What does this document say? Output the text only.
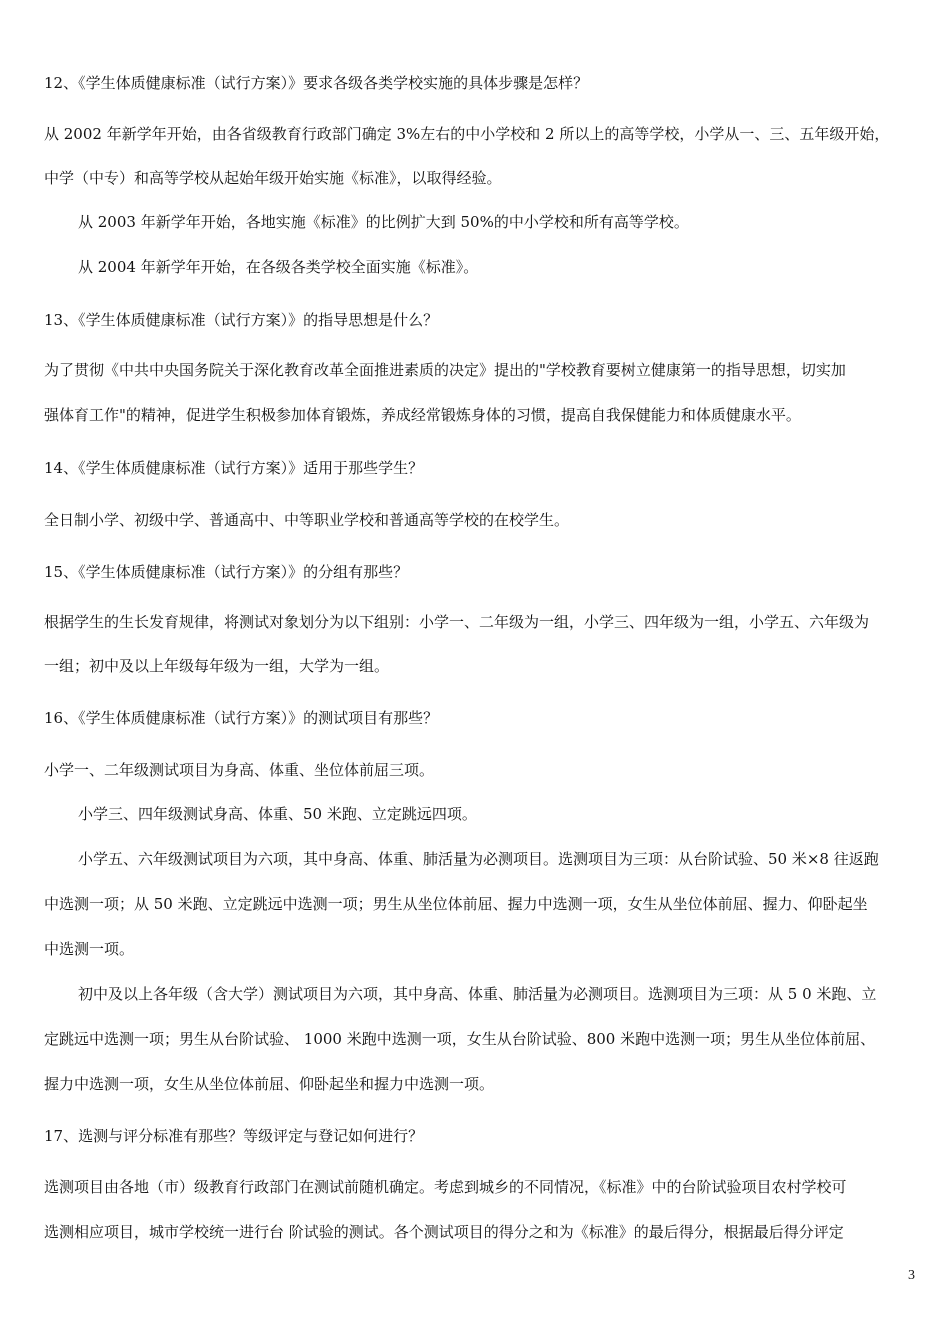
12、《学生体质健康标准（试行方案）》要求各级各类学校实施的具体步骤是怎样？
从 2002 年新学年开始，由各省级教育行政部门确定 3%左右的中小学校和 2 所以上的高等学校，小学从一、三、五年级开始，
中学（中专）和高等学校从起始年级开始实施《标准》，以取得经验。
从 2003 年新学年开始，各地实施《标准》的比例扩大到 50%的中小学校和所有高等学校。
从 2004 年新学年开始，在各级各类学校全面实施《标准》。
13、《学生体质健康标准（试行方案）》的指导思想是什么？
为了贯彻《中共中央国务院关于深化教育改革全面推进素质的决定》提出的"学校教育要树立健康第一的指导思想，切实加
强体育工作"的精神，促进学生积极参加体育锻炼，养成经常锻炼身体的习惯，提高自我保健能力和体质健康水平。
14、《学生体质健康标准（试行方案）》适用于那些学生？
全日制小学、初级中学、普通高中、中等职业学校和普通高等学校的在校学生。
15、《学生体质健康标准（试行方案）》的分组有那些？
根据学生的生长发育规律，将测试对象划分为以下组别：小学一、二年级为一组，小学三、四年级为一组，小学五、六年级为
一组；初中及以上年级每年级为一组，大学为一组。
16、《学生体质健康标准（试行方案）》的测试项目有那些？
小学一、二年级测试项目为身高、体重、坐位体前屈三项。
小学三、四年级测试身高、体重、50 米跑、立定跳远四项。
小学五、六年级测试项目为六项，其中身高、体重、肺活量为必测项目。选测项目为三项：从台阶试验、50 米×8 往返跑
中选测一项；从 50 米跑、立定跳远中选测一项；男生从坐位体前屈、握力中选测一项，女生从坐位体前屈、握力、仰卧起坐
中选测一项。
初中及以上各年级（含大学）测试项目为六项，其中身高、体重、肺活量为必测项目。选测项目为三项：从 5 0 米跑、立
定跳远中选测一项；男生从台阶试验、 1000 米跑中选测一项，女生从台阶试验、800 米跑中选测一项；男生从坐位体前屈、
握力中选测一项，女生从坐位体前屈、仰卧起坐和握力中选测一项。
17、选测与评分标准有那些？等级评定与登记如何进行？
选测项目由各地（市）级教育行政部门在测试前随机确定。考虑到城乡的不同情况，《标准》中的台阶试验项目农村学校可
选测相应项目，城市学校统一进行台 阶试验的测试。各个测试项目的得分之和为《标准》的最后得分，根据最后得分评定
3
